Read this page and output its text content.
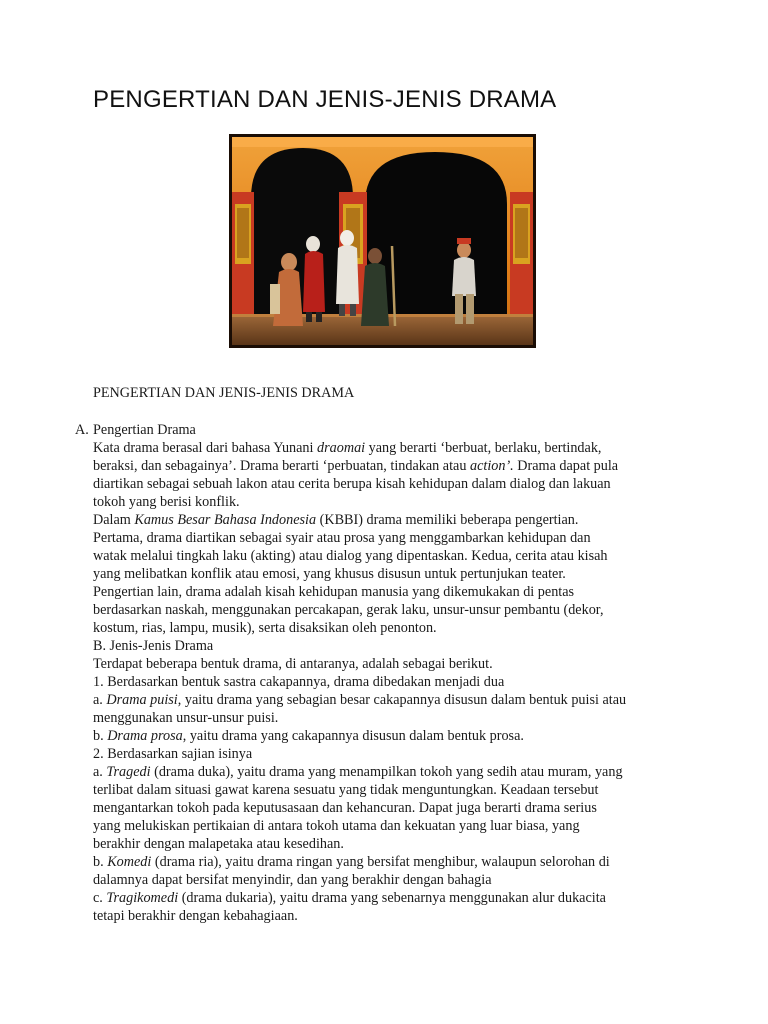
PENGERTIAN DAN JENIS-JENIS DRAMA

PENGERTIAN DAN JENIS-JENIS DRAMA

A. Pengertian Drama

Kata drama berasal dari bahasa Yunani draomai yang berarti ‘berbuat, berlaku, bertindak,

beraksi, dan sebagainya’. Drama berarti ‘perbuatan, tindakan atau action’. Drama dapat pula

diartikan sebagai sebuah lakon atau cerita berupa kisah kehidupan dalam dialog dan lakuan

tokoh yang berisi konflik.

Dalam Kamus Besar Bahasa Indonesia (KBBI) drama memiliki beberapa pengertian.

Pertama, drama diartikan sebagai syair atau prosa yang menggambarkan kehidupan dan

watak melalui tingkah laku (akting) atau dialog yang dipentaskan. Kedua, cerita atau kisah

yang melibatkan konflik atau emosi, yang khusus disusun untuk pertunjukan teater.

Pengertian lain, drama adalah kisah kehidupan manusia yang dikemukakan di pentas

berdasarkan naskah, menggunakan percakapan, gerak laku, unsur-unsur pembantu (dekor,

kostum, rias, lampu, musik), serta disaksikan oleh penonton.

B. Jenis-Jenis Drama

Terdapat beberapa bentuk drama, di antaranya, adalah sebagai berikut.

1. Berdasarkan bentuk sastra cakapannya, drama dibedakan menjadi dua

a. Drama puisi, yaitu drama yang sebagian besar cakapannya disusun dalam bentuk puisi atau

menggunakan unsur-unsur puisi.

b. Drama prosa, yaitu drama yang cakapannya disusun dalam bentuk prosa.

2. Berdasarkan sajian isinya

a. Tragedi (drama duka), yaitu drama yang menampilkan tokoh yang sedih atau muram, yang

terlibat dalam situasi gawat karena sesuatu yang tidak menguntungkan. Keadaan tersebut

mengantarkan tokoh pada keputusasaan dan kehancuran. Dapat juga berarti drama serius

yang melukiskan pertikaian di antara tokoh utama dan kekuatan yang luar biasa, yang

berakhir dengan malapetaka atau kesedihan.

b. Komedi (drama ria), yaitu drama ringan yang bersifat menghibur, walaupun selorohan di

dalamnya dapat bersifat menyindir, dan yang berakhir dengan bahagia

c. Tragikomedi (drama dukaria), yaitu drama yang sebenarnya menggunakan alur dukacita

tetapi berakhir dengan kebahagiaan.
